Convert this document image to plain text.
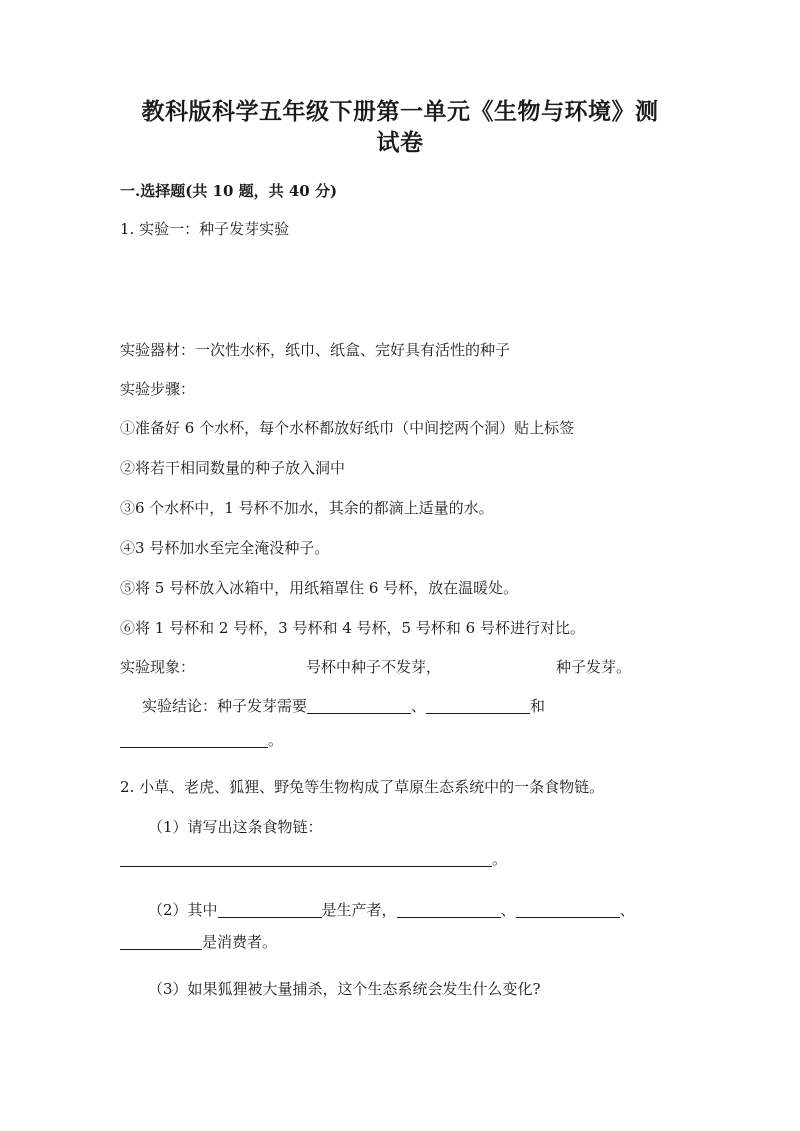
教科版科学五年级下册第一单元《生物与环境》测
试卷
一.选择题(共 10 题，共 40 分)
1. 实验一：种子发芽实验
实验器材：一次性水杯，纸巾、纸盒、完好具有活性的种子
实验步骤：
①准备好 6 个水杯，每个水杯都放好纸巾（中间挖两个洞）贴上标签
②将若干相同数量的种子放入洞中
③6 个水杯中，1 号杯不加水，其余的都滴上适量的水。
④3 号杯加水至完全淹没种子。
⑤将 5 号杯放入冰箱中，用纸箱罩住 6 号杯，放在温暖处。
⑥将 1 号杯和 2 号杯，3 号杯和 4 号杯，5 号杯和 6 号杯进行对比。
实验现象：	号杯中种子不发芽，	种子发芽。
实验结论：种子发芽需要	、	和
。
2. 小草、老虎、狐狸、野兔等生物构成了草原生态系统中的一条食物链。
（1）请写出这条食物链：
。
（2）其中	是生产者，	、	、
是消费者。
（3）如果狐狸被大量捕杀，这个生态系统会发生什么变化?
